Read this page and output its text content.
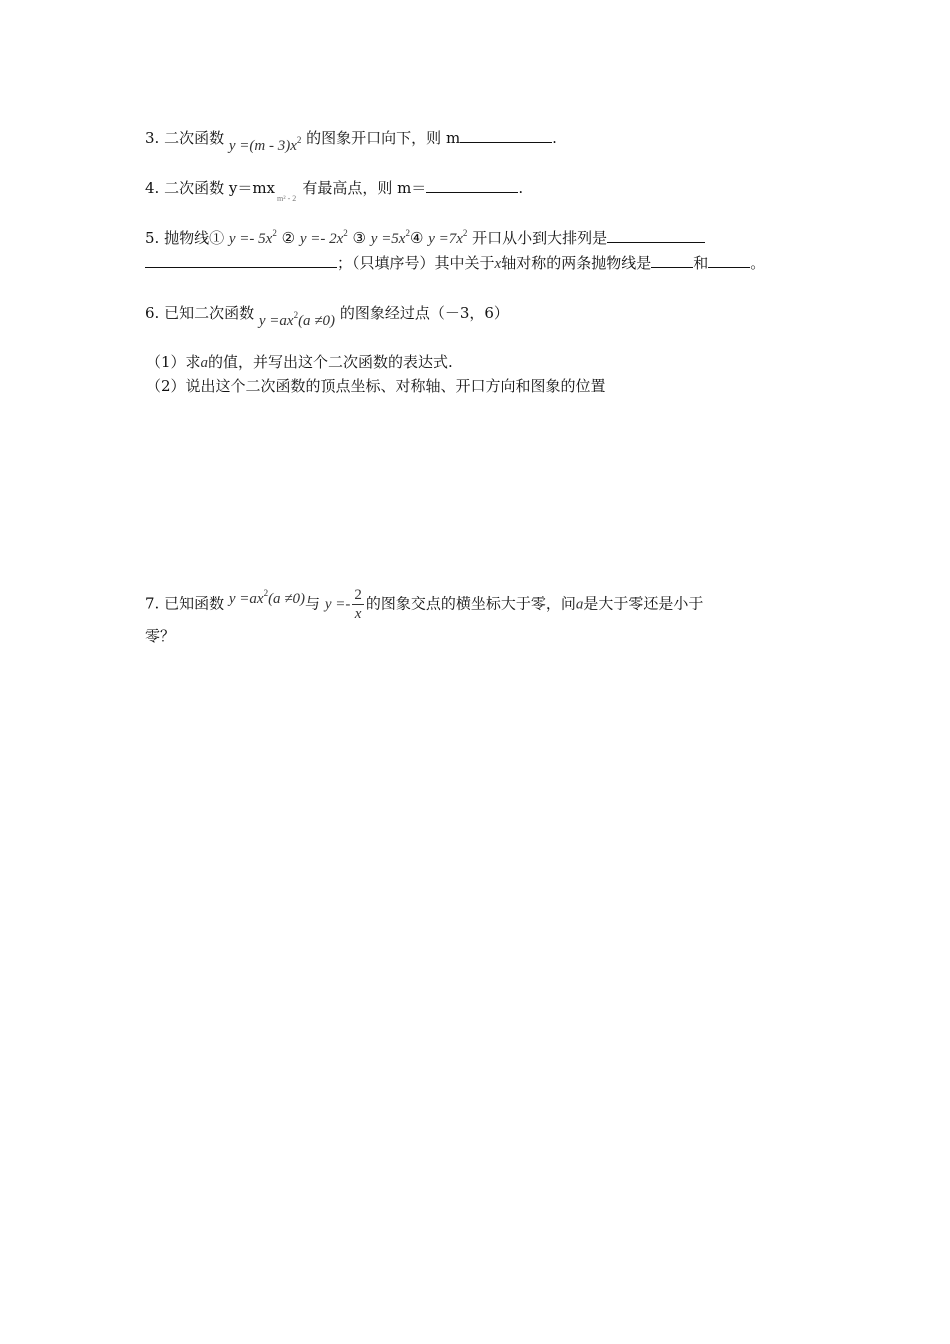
3. 二次函数 $y =(m - 3)x^2$ 的图象开口向下，则 m	.
4. 二次函数 $y=mx_{m^2 - 2}$有最高点，则 m＝	.
5. 抛物线① $y =- 5x^2$ ② $y =- 2x^2$ ③ $y =5x^2④$ $y =7x^2$ 开口从小到大排列是
；（只填序号）其中关于x轴对称的两条抛物线是	和	。
6. 已知二次函数 $y =ax^2(a \ne 0)$ 的图象经过点（－3，6）
（1）求a的值，并写出这个二次函数的表达式.
（2）说出这个二次函数的顶点坐标、对称轴、开口方向和图象的位置
7. 已知函数 $y =ax^2(a \ne 0)$与 $y =- \frac{2}{x}$ 的图象交点的横坐标大于零，问a是大于零还是小于
零？
